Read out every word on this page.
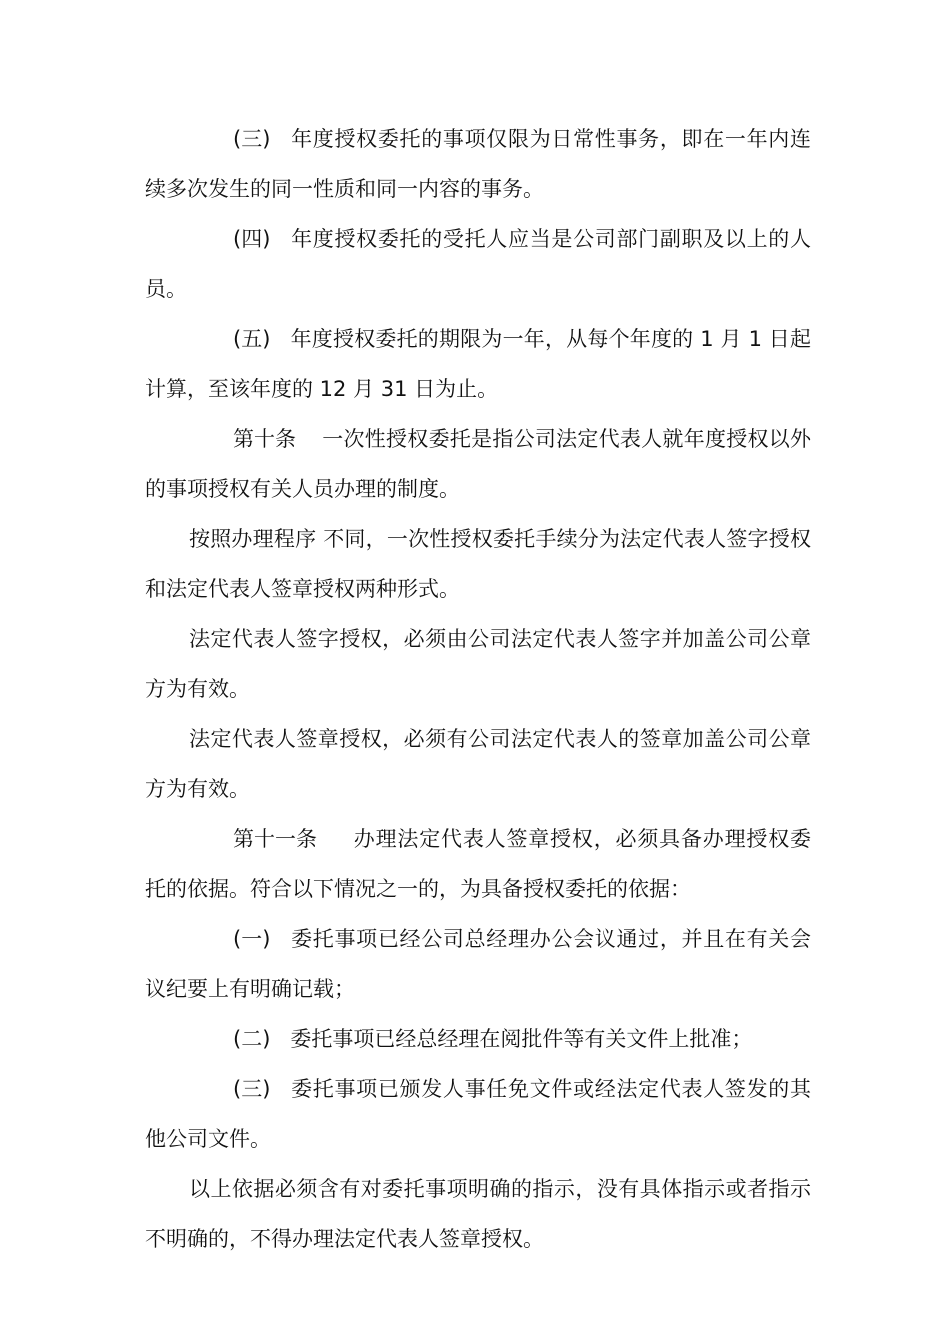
(三) 年度授权委托的事项仅限为日常性事务，即在一年内连续多次发生的同一性质和同一内容的事务。

(四) 年度授权委托的受托人应当是公司部门副职及以上的人员。

(五) 年度授权委托的期限为一年，从每个年度的 1 月 1 日起计算，至该年度的 12 月 31 日为止。

第十条 一次性授权委托是指公司法定代表人就年度授权以外的事项授权有关人员办理的制度。

按照办理程序 不同，一次性授权委托手续分为法定代表人签字授权和法定代表人签章授权两种形式。

法定代表人签字授权，必须由公司法定代表人签字并加盖公司公章方为有效。

法定代表人签章授权，必须有公司法定代表人的签章加盖公司公章方为有效。

第十一条 办理法定代表人签章授权，必须具备办理授权委托的依据。符合以下情况之一的，为具备授权委托的依据：

(一) 委托事项已经公司总经理办公会议通过，并且在有关会议纪要上有明确记载；

(二) 委托事项已经总经理在阅批件等有关文件上批准；

(三) 委托事项已颁发人事任免文件或经法定代表人签发的其他公司文件。

以上依据必须含有对委托事项明确的指示，没有具体指示或者指示不明确的，不得办理法定代表人签章授权。
